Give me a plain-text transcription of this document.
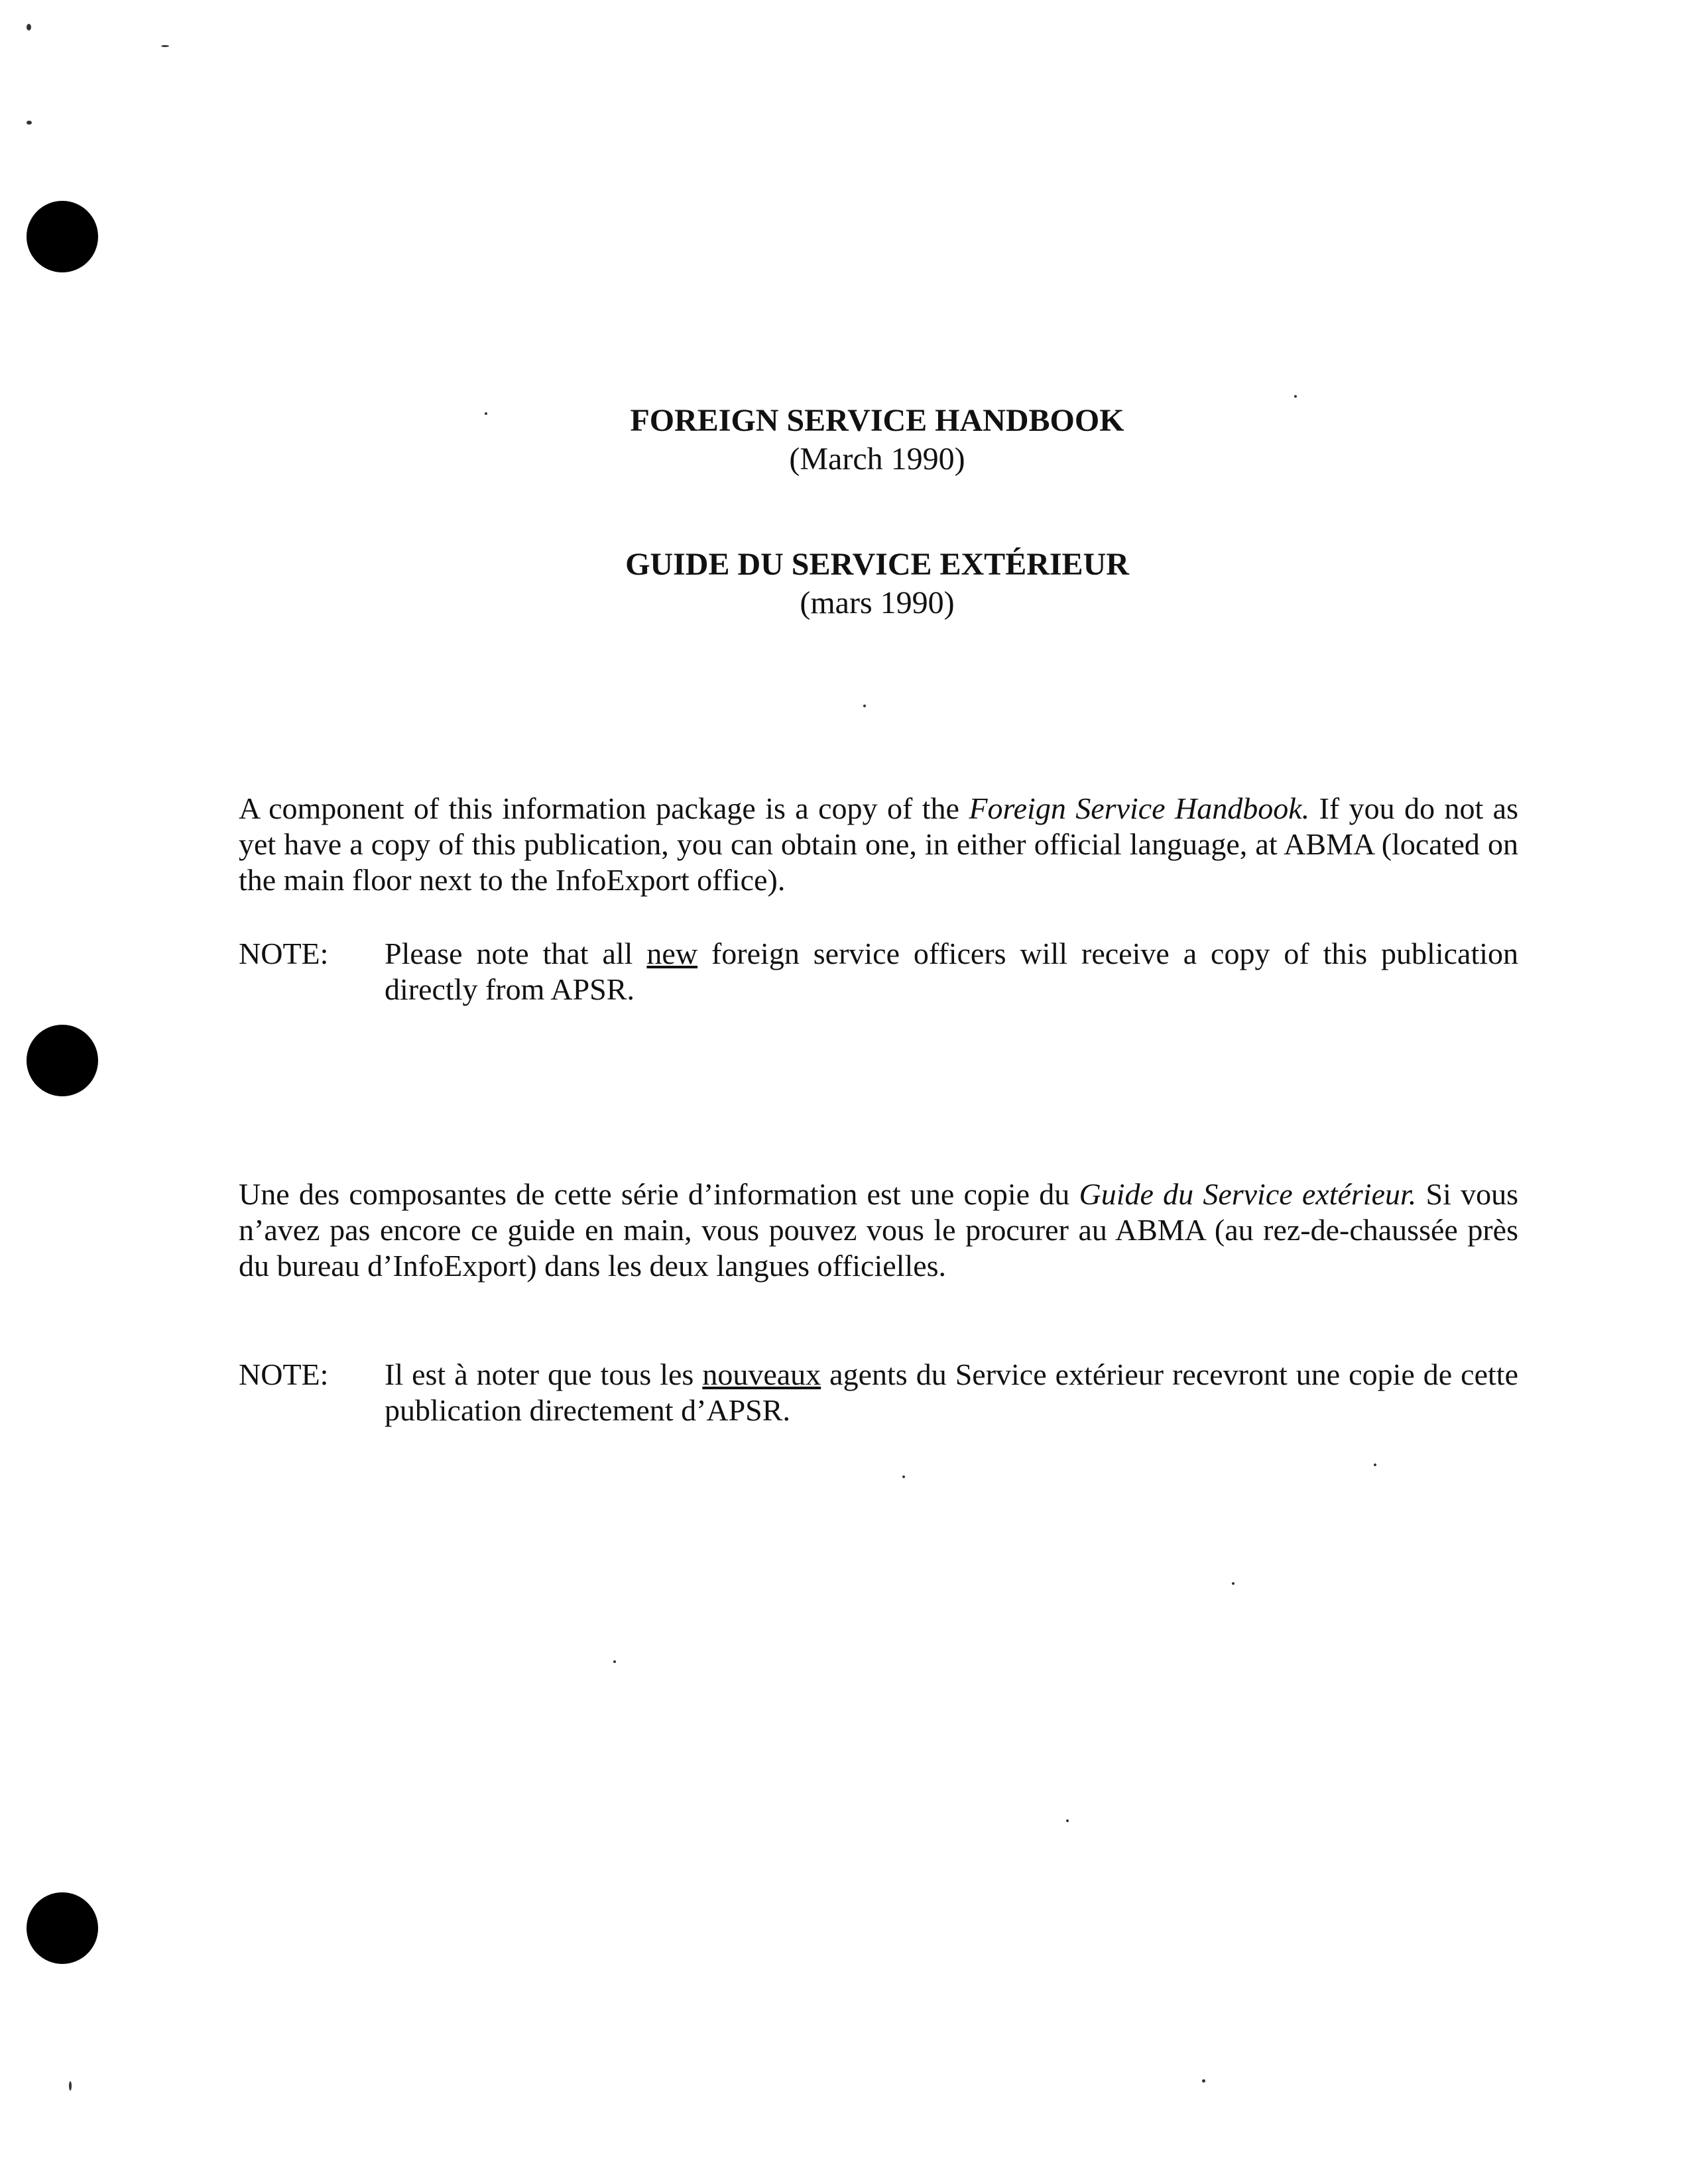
FOREIGN SERVICE HANDBOOK
(March 1990)
GUIDE DU SERVICE EXTÉRIEUR
(mars 1990)
A component of this information package is a copy of the Foreign Service Handbook. If you do not as yet have a copy of this publication, you can obtain one, in either official language, at ABMA (located on the main floor next to the InfoExport office).
NOTE: Please note that all new foreign service officers will receive a copy of this publication directly from APSR.
Une des composantes de cette série d’information est une copie du Guide du Service extérieur. Si vous n’avez pas encore ce guide en main, vous pouvez vous le procurer au ABMA (au rez-de-chaussée près du bureau d’InfoExport) dans les deux langues officielles.
NOTE: Il est à noter que tous les nouveaux agents du Service extérieur recevront une copie de cette publication directement d’APSR.
